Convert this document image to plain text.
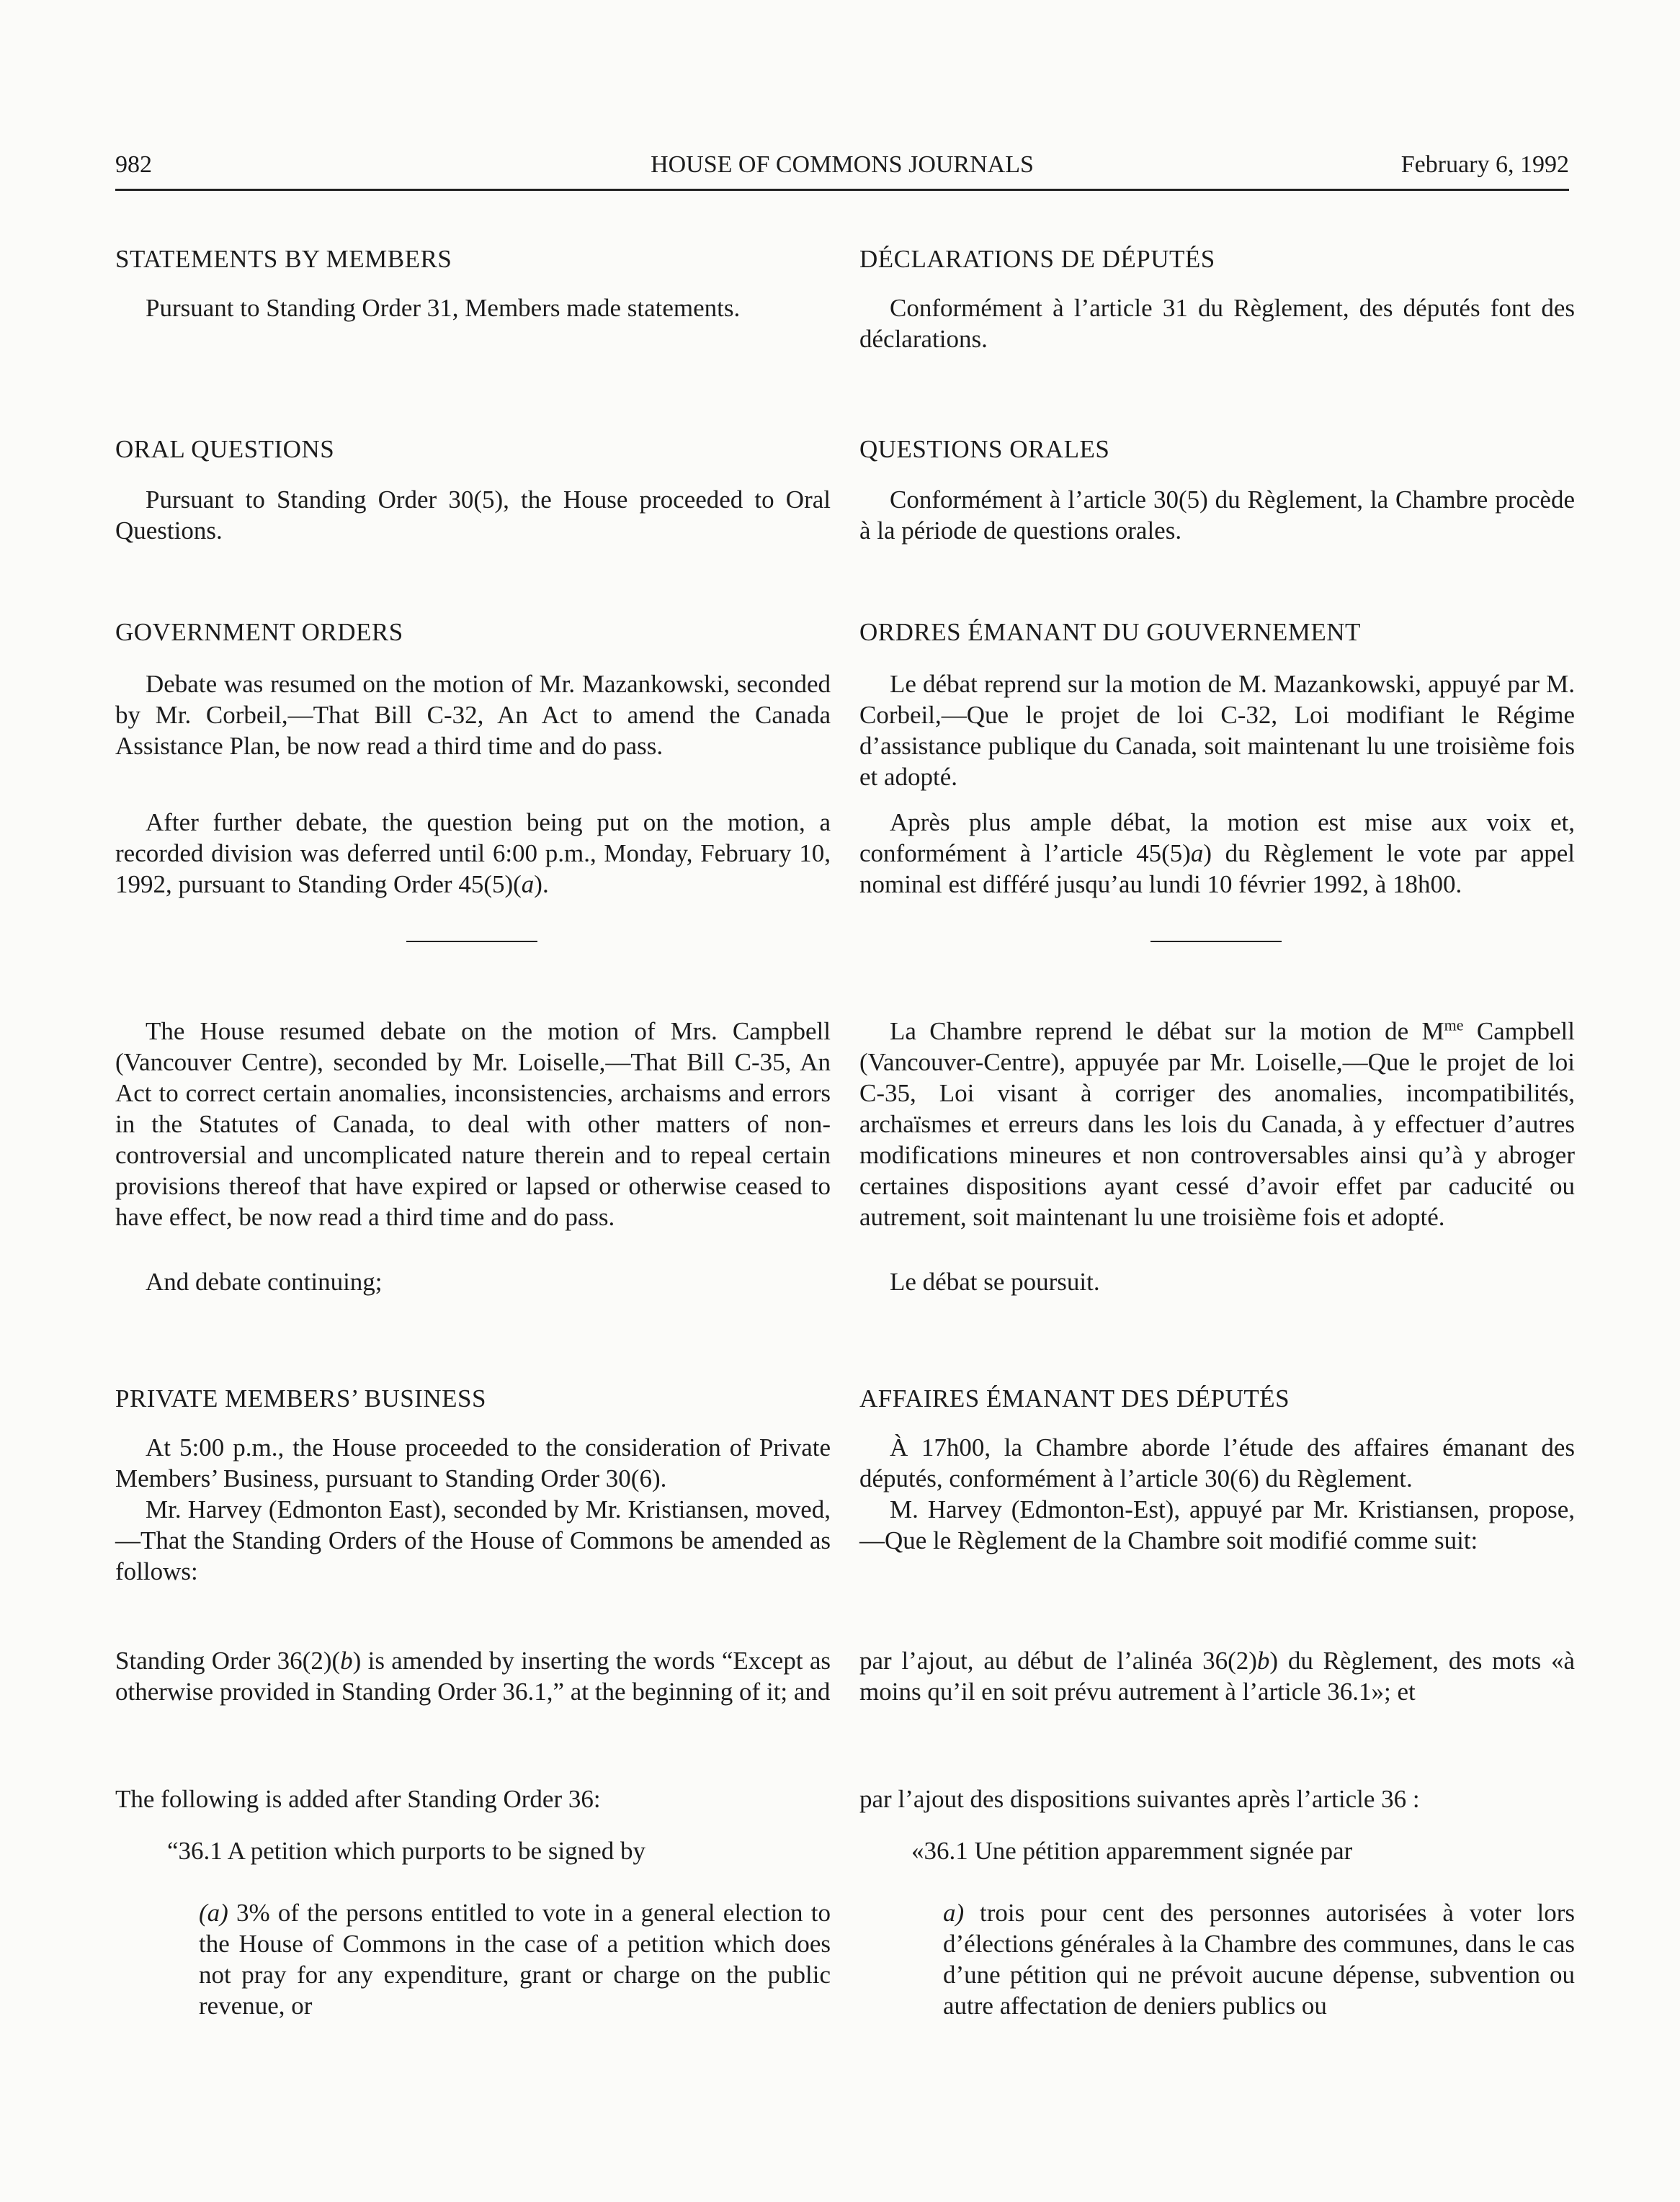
982	HOUSE OF COMMONS JOURNALS	February 6, 1992

STATEMENTS BY MEMBERS

Pursuant to Standing Order 31, Members made statements.

ORAL QUESTIONS

Pursuant to Standing Order 30(5), the House proceeded to Oral Questions.

GOVERNMENT ORDERS

Debate was resumed on the motion of Mr. Mazankowski, seconded by Mr. Corbeil,—That Bill C-32, An Act to amend the Canada Assistance Plan, be now read a third time and do pass.

After further debate, the question being put on the motion, a recorded division was deferred until 6:00 p.m., Monday, February 10, 1992, pursuant to Standing Order 45(5)(a).

The House resumed debate on the motion of Mrs. Campbell (Vancouver Centre), seconded by Mr. Loiselle,—That Bill C-35, An Act to correct certain anomalies, inconsistencies, archaisms and errors in the Statutes of Canada, to deal with other matters of non-controversial and uncomplicated nature therein and to repeal certain provisions thereof that have expired or lapsed or otherwise ceased to have effect, be now read a third time and do pass.

And debate continuing;

PRIVATE MEMBERS’ BUSINESS

At 5:00 p.m., the House proceeded to the consideration of Private Members’ Business, pursuant to Standing Order 30(6).

Mr. Harvey (Edmonton East), seconded by Mr. Kristiansen, moved,—That the Standing Orders of the House of Commons be amended as follows:

Standing Order 36(2)(b) is amended by inserting the words “Except as otherwise provided in Standing Order 36.1,” at the beginning of it; and

The following is added after Standing Order 36:

“36.1 A petition which purports to be signed by

(a) 3% of the persons entitled to vote in a general election to the House of Commons in the case of a petition which does not pray for any expenditure, grant or charge on the public revenue, or

DÉCLARATIONS DE DÉPUTÉS

Conformément à l’article 31 du Règlement, des députés font des déclarations.

QUESTIONS ORALES

Conformément à l’article 30(5) du Règlement, la Chambre procède à la période de questions orales.

ORDRES ÉMANANT DU GOUVERNEMENT

Le débat reprend sur la motion de M. Mazankowski, appuyé par M. Corbeil,—Que le projet de loi C-32, Loi modifiant le Régime d’assistance publique du Canada, soit maintenant lu une troisième fois et adopté.

Après plus ample débat, la motion est mise aux voix et, conformément à l’article 45(5)a) du Règlement le vote par appel nominal est différé jusqu’au lundi 10 février 1992, à 18h00.

La Chambre reprend le débat sur la motion de $M^{me}$ Campbell (Vancouver-Centre), appuyée par Mr. Loiselle,—Que le projet de loi C-35, Loi visant à corriger des anomalies, incompatibilités, archaïsmes et erreurs dans les lois du Canada, à y effectuer d’autres modifications mineures et non controversables ainsi qu’à y abroger certaines dispositions ayant cessé d’avoir effet par caducité ou autrement, soit maintenant lu une troisième fois et adopté.

Le débat se poursuit.

AFFAIRES ÉMANANT DES DÉPUTÉS

À 17h00, la Chambre aborde l’étude des affaires émanant des députés, conformément à l’article 30(6) du Règlement.

M. Harvey (Edmonton-Est), appuyé par Mr. Kristiansen, propose,—Que le Règlement de la Chambre soit modifié comme suit:

par l’ajout, au début de l’alinéa 36(2)b) du Règlement, des mots «à moins qu’il en soit prévu autrement à l’article 36.1»; et

par l’ajout des dispositions suivantes après l’article 36 :

«36.1 Une pétition apparemment signée par

a) trois pour cent des personnes autorisées à voter lors d’élections générales à la Chambre des communes, dans le cas d’une pétition qui ne prévoit aucune dépense, subvention ou autre affectation de deniers publics ou
